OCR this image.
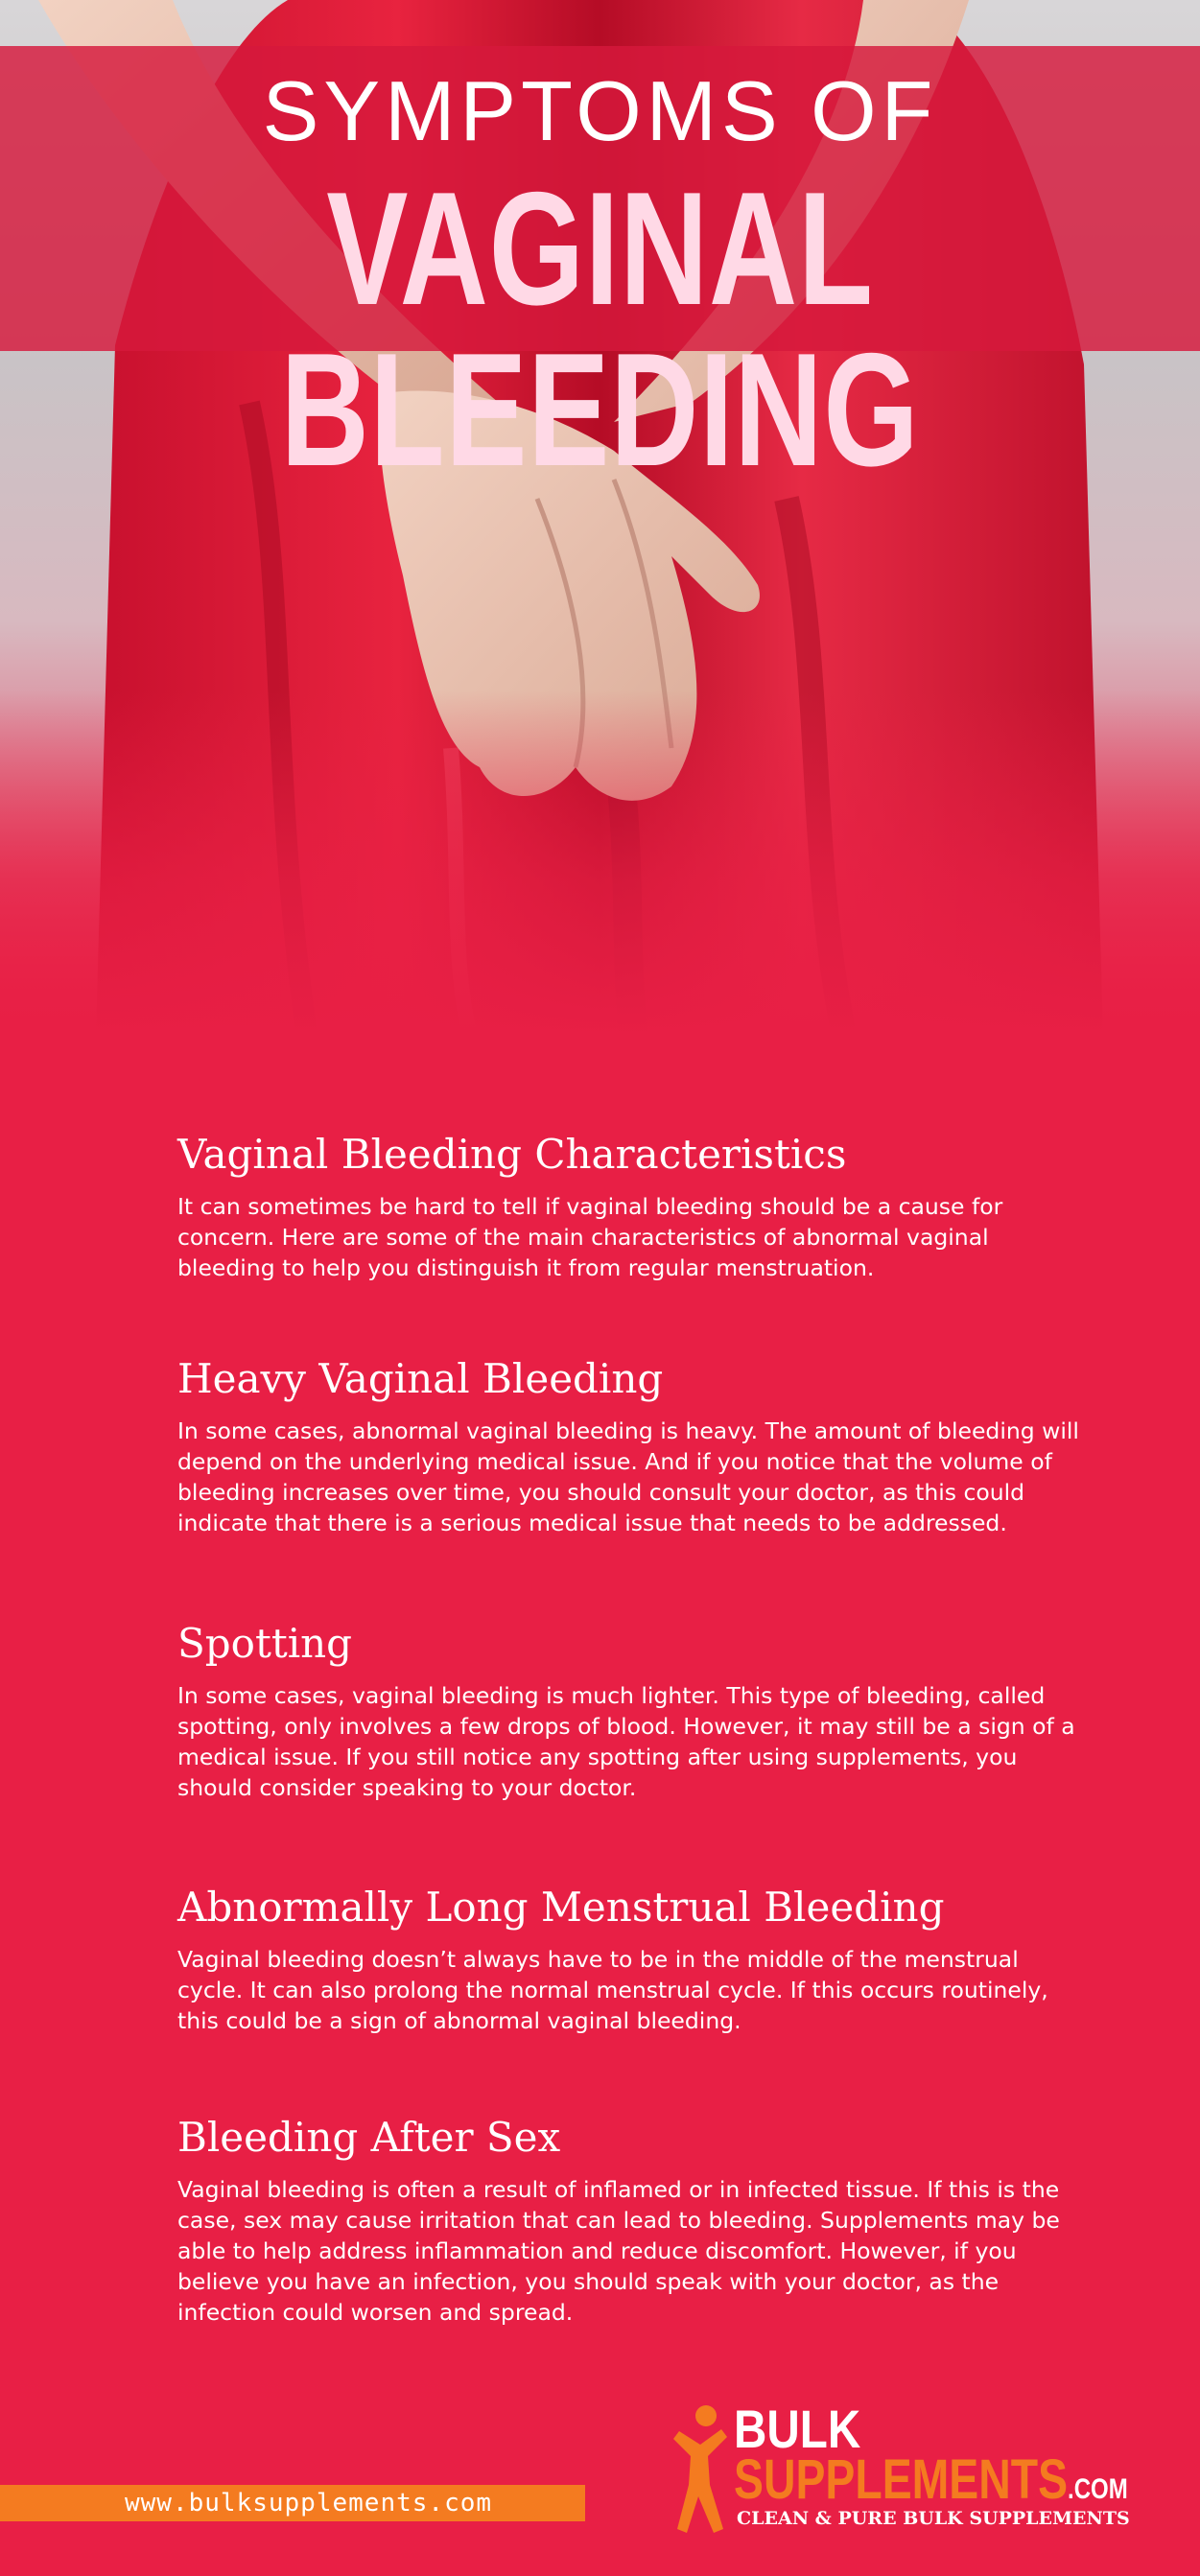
SYMPTOMS OF
VAGINAL BLEEDING
Vaginal Bleeding Characteristics

It can sometimes be hard to tell if vaginal bleeding should be a cause for concern. Here are some of the main characteristics of abnormal vaginal bleeding to help you distinguish it from regular menstruation.

Heavy Vaginal Bleeding

In some cases, abnormal vaginal bleeding is heavy. The amount of bleeding will depend on the underlying medical issue. And if you notice that the volume of bleeding increases over time, you should consult your doctor, as this could indicate that there is a serious medical issue that needs to be addressed.

Spotting

In some cases, vaginal bleeding is much lighter. This type of bleeding, called spotting, only involves a few drops of blood. However, it may still be a sign of a medical issue. If you still notice any spotting after using supplements, you should consider speaking to your doctor.

Abnormally Long Menstrual Bleeding

Vaginal bleeding doesn’t always have to be in the middle of the menstrual cycle. It can also prolong the normal menstrual cycle. If this occurs routinely, this could be a sign of abnormal vaginal bleeding.

Bleeding After Sex

Vaginal bleeding is often a result of inflamed or in infected tissue. If this is the case, sex may cause irritation that can lead to bleeding. Supplements may be able to help address inflammation and reduce discomfort. However, if you believe you have an infection, you should speak with your doctor, as the infection could worsen and spread.

www.bulksupplements.com
BULK
SUPPLEMENTS.COM
CLEAN & PURE BULK SUPPLEMENTS
